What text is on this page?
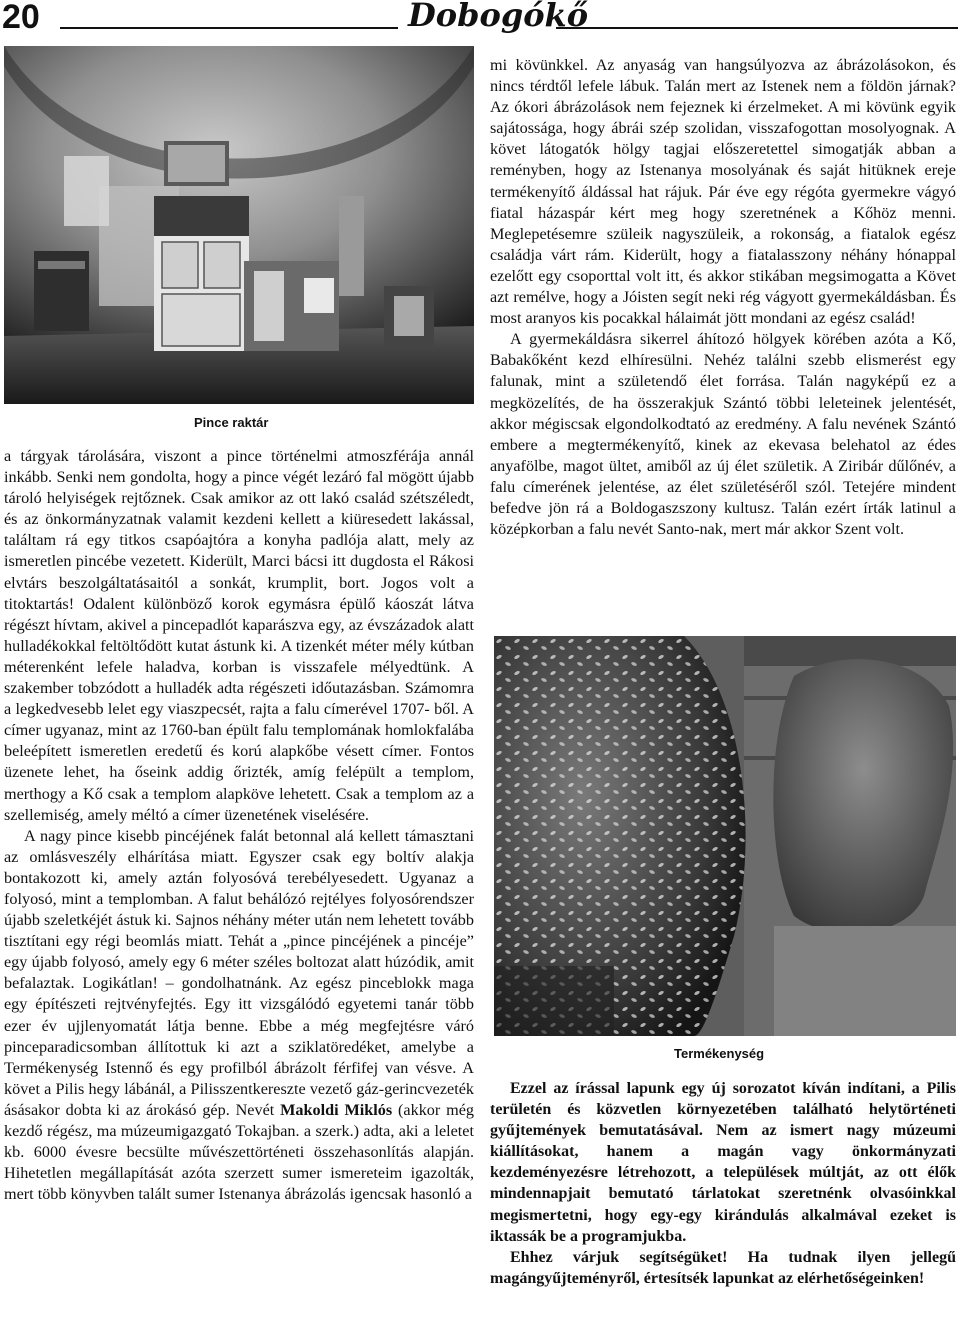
20	Dobogókő
Pince raktár

a tárgyak tárolására, viszont a pince történelmi atmoszférája annál inkább. Senki nem gondolta, hogy a pince végét lezáró fal mögött újabb tároló helyiségek rejtőznek. Csak amikor az ott lakó család szétszéledt, és az önkormányzatnak valamit kezdeni kellett a kiüresedett lakással, találtam rá egy titkos csapóajtóra a konyha padlója alatt, mely az ismeretlen pincébe vezetett. Kiderült, Marci bácsi itt dugdosta el Rákosi elvtárs beszolgáltatásaitól a sonkát, krumplit, bort. Jogos volt a titoktartás! Odalent különböző korok egymásra épülő káoszát látva régészt hívtam, akivel a pincepadlót kaparászva egy, az évszázadok alatt hulladékokkal feltöltődött kutat ástunk ki. A tizenkét méter mély kútban méterenként lefele haladva, korban is visszafele mélyedtünk. A szakember tobzódott a hulladék adta régészeti időutazásban. Számomra a legkedvesebb lelet egy viaszpecsét, rajta a falu címerével 1707- ből. A címer ugyanaz, mint az 1760-ban épült falu templomának homlokfalába beleépített ismeretlen eredetű és korú alapkőbe vésett címer. Fontos üzenete lehet, ha őseink addig őrizték, amíg felépült a templom, merthogy a Kő csak a templom alapköve lehetett. Csak a templom az a szellemiség, amely méltó a címer üzenetének viselésére.

A nagy pince kisebb pincéjének falát betonnal alá kellett támasztani az omlásveszély elhárítása miatt. Egyszer csak egy boltív alakja bontakozott ki, amely aztán folyosóvá terebélyesedett. Ugyanaz a folyosó, mint a templomban. A falut behálózó rejtélyes folyosórendszer újabb szeletkéjét ástuk ki. Sajnos néhány méter után nem lehetett tovább tisztítani egy régi beomlás miatt. Tehát a „pince pincéjének a pincéje” egy újabb folyosó, amely egy 6 méter széles boltozat alatt húzódik, amit befalaztak. Logikátlan! – gondolhatnánk. Az egész pinceblokk maga egy építészeti rejtvényfejtés. Egy itt vizsgálódó egyetemi tanár több ezer év ujjlenyomatát látja benne. Ebbe a még megfejtésre váró pinceparadicsomban állítottuk ki azt a sziklatöredéket, amelybe a Termékenység Istennő és egy profilból ábrázolt férfifej van vésve. A követ a Pilis hegy lábánál, a Pilisszentkereszte vezető gáz-gerincvezeték ásásakor dobta ki az árokásó gép. Nevét Makoldi Miklós (akkor még kezdő régész, ma múzeumigazgató Tokajban. a szerk.) adta, aki a leletet kb. 6000 évesre becsülte művészettörténeti összehasonlítás alapján. Hihetetlen megállapítását azóta szerzett sumer ismereteim igazolták, mert több könyvben talált sumer Istenanya ábrázolás igencsak hasonló a

mi kövünkkel. Az anyaság van hangsúlyozva az ábrázolásokon, és nincs térdtől lefele lábuk. Talán mert az Istenek nem a földön járnak? Az ókori ábrázolások nem fejeznek ki érzelmeket. A mi kövünk egyik sajátossága, hogy ábrái szép szolidan, visszafogottan mosolyognak. A követ látogatók hölgy tagjai előszeretettel simogatják abban a reményben, hogy az Istenanya mosolyának és saját hitüknek ereje termékenyítő áldással hat rájuk. Pár éve egy régóta gyermekre vágyó fiatal házaspár kért meg hogy szeretnének a Kőhöz menni. Meglepetésemre szüleik nagyszüleik, a rokonság, a fiatalok egész családja várt rám. Kiderült, hogy a fiatalasszony néhány hónappal ezelőtt egy csoporttal volt itt, és akkor stikában megsimogatta a Követ azt remélve, hogy a Jóisten segít neki rég vágyott gyermekáldásban. És most aranyos kis pocakkal hálaimát jött mondani az egész család!

A gyermekáldásra sikerrel áhítozó hölgyek körében azóta a Kő, Babakőként kezd elhíresülni. Nehéz találni szebb elismerést egy falunak, mint a születendő élet forrása. Talán nagyképű ez a megközelítés, de ha összerakjuk Szántó többi leleteinek jelentését, akkor mégiscsak elgondolkodtató az eredmény. A falu nevének Szántó embere a megtermékenyítő, kinek az ekevasa belehatol az édes anyafölbe, magot ültet, amiből az új élet születik. A Ziribár dűlőnév, a falu címerének jelentése, az élet születéséről szól. Tetejére mindent befedve jön rá a Boldogaszszony kultusz. Talán ezért írták latinul a középkorban a falu nevét Santo-nak, mert már akkor Szent volt.

Termékenység

Ezzel az írással lapunk egy új sorozatot kíván indítani, a Pilis területén és közvetlen környezetében található helytörténeti gyűjtemények bemutatásával. Nem az ismert nagy múzeumi kiállításokat, hanem a magán vagy önkormányzati kezdeményezésre létrehozott, a települések múltját, az ott élők mindennapjait bemutató tárlatokat szeretnénk olvasóinkkal megismertetni, hogy egy-egy kirándulás alkalmával ezeket is iktassák be a programjukba.

Ehhez várjuk segítségüket! Ha tudnak ilyen jellegű magángyűjteményről, értesítsék lapunkat az elérhetőségeinken!
